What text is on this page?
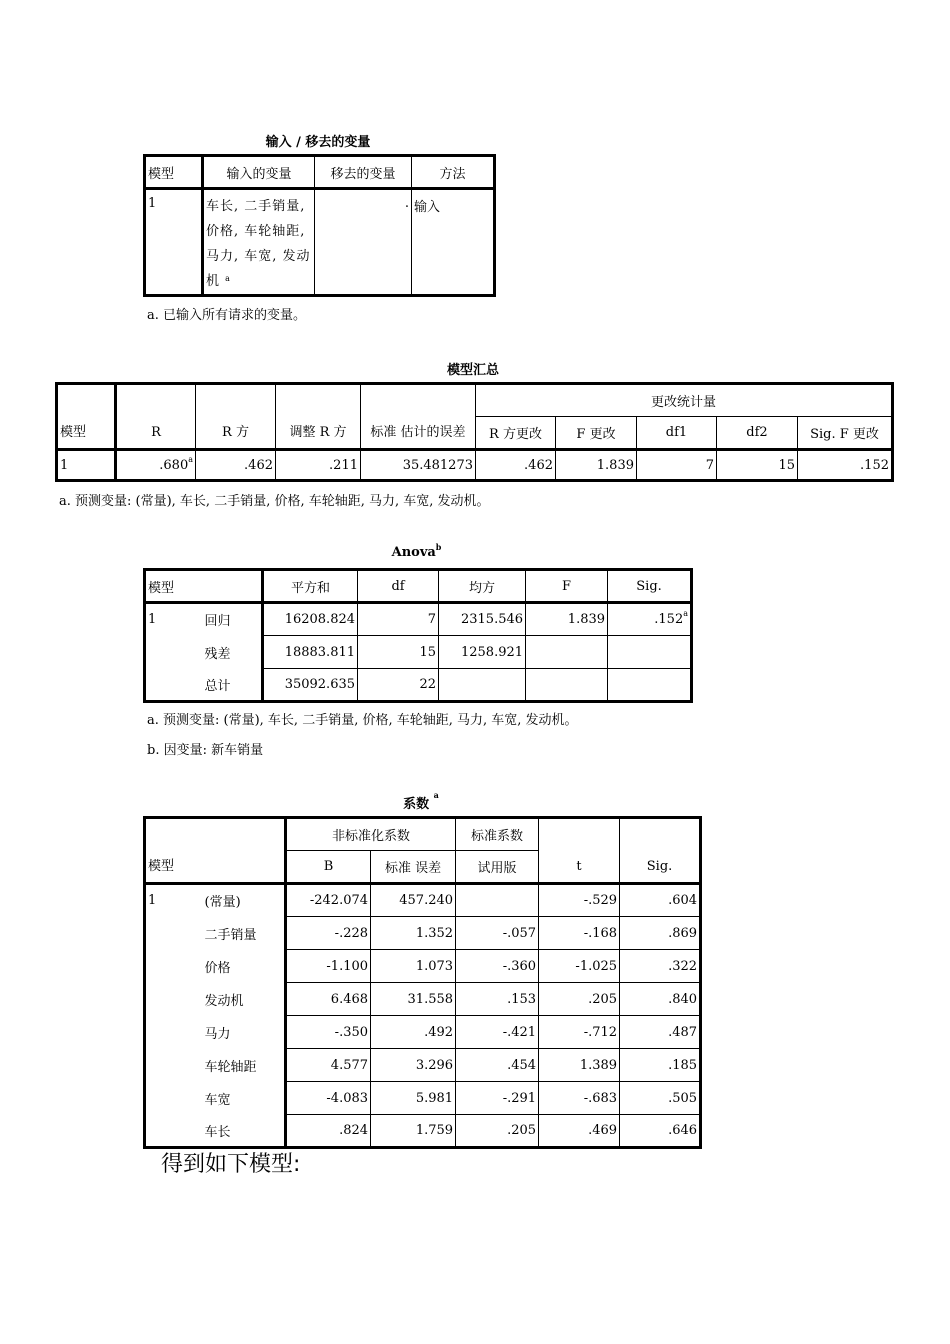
输入 / 移去的变量
模型	输入的变量	移去的变量	方法
1	车长, 二手销量,
价格, 车轮轴距,
马力, 车宽, 发动
机 $^a$	.	输入
a. 已输入所有请求的变量。
模型汇总
模型	R	R 方	调整 R 方	标准 估计的误差	更改统计量				
					R 方更改	F 更改	df1	df2	Sig. F 更改
1	.680$^a$	.462	.211	35.481273	.462	1.839	7	15	.152
a. 预测变量: (常量), 车长, 二手销量, 价格, 车轮轴距, 马力, 车宽, 发动机。
Anova$^b$
模型		平方和	df	均方	F	Sig.
1	回归	16208.824	7	2315.546	1.839	.152$^a$
	残差	18883.811	15	1258.921		
	总计	35092.635	22			
a. 预测变量: (常量), 车长, 二手销量, 价格, 车轮轴距, 马力, 车宽, 发动机。
b. 因变量: 新车销量
系数 $^a$
模型		非标准化系数		标准系数	t	Sig.
		B	标准 误差	试用版		
1	(常量)	-242.074	457.240		-.529	.604
	二手销量	-.228	1.352	-.057	-.168	.869
	价格	-1.100	1.073	-.360	-1.025	.322
	发动机	6.468	31.558	.153	.205	.840
	马力	-.350	.492	-.421	-.712	.487
	车轮轴距	4.577	3.296	.454	1.389	.185
	车宽	-4.083	5.981	-.291	-.683	.505
	车长	.824	1.759	.205	.469	.646
得到如下模型:
